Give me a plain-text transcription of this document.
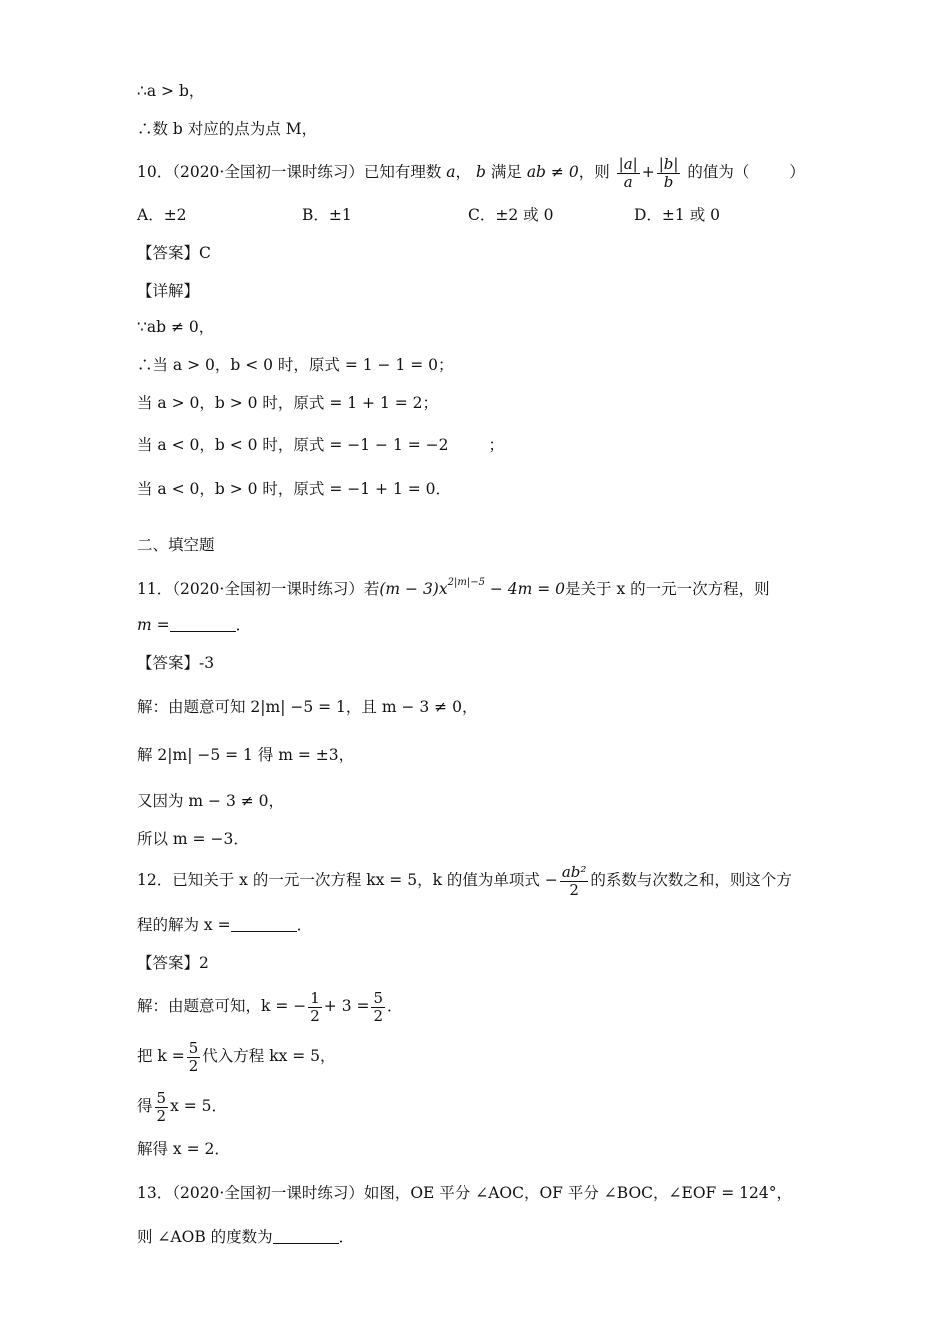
∴a > b，
∴数 b 对应的点为点 M，
10．（2020·全国初一课时练习）已知有理数 a， b 满足 ab ≠ 0，则 $\frac{|a|}{a} + \frac{|b|}{b}$ 的值为（	）
A．±2	B．±1	C．±2 或 0	D．±1 或 0
【答案】C
【详解】
∵ab ≠ 0，
∴当 a > 0，b < 0 时，原式 = 1 − 1 = 0；
当 a > 0，b > 0 时，原式 = 1 + 1 = 2；
当 a < 0，b < 0 时，原式 = −1 − 1 = −2	；
当 a < 0，b > 0 时，原式 = −1 + 1 = 0．
二、填空题
11．（2020·全国初一课时练习）若$(m - 3)x^{2|m|-5} - 4m = 0$是关于 x 的一元一次方程，则
m =	．
【答案】-3
解：由题意可知 2|m| −5 = 1，且 m − 3 ≠ 0，
解 2|m| −5 = 1 得 m = ±3，
又因为 m − 3 ≠ 0，
所以 m = −3．
12．已知关于 x 的一元一次方程 kx = 5，k 的值为单项式 − $\frac{\text{ab²}}{2}$ 的系数与次数之和，则这个方
程的解为 x =	．
【答案】2
解：由题意可知，k = − $\frac{1}{2} + 3 = \frac{5}{2}$ ．
把 $k = \frac{5}{2}$ 代入方程 kx = 5，
得 $\frac{5}{2}$ x = 5．
解得 x = 2．
13．（2020·全国初一课时练习）如图，OE 平分 ∠AOC，OF 平分 ∠BOC，∠EOF = 124°，
则 ∠AOB 的度数为	．
